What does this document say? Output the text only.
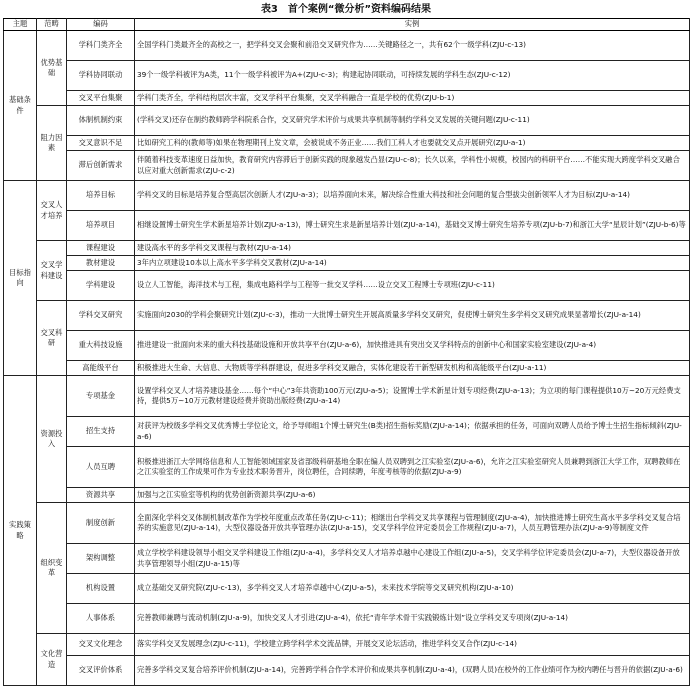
表3　首个案例“微分析”资料编码结果
主题	范畴	编码	实例
基础条件	优势基础	学科门类齐全	全国学科门类最齐全的高校之一，把学科交叉会聚和前沿交叉研究作为……关键路径之一，共有62个一级学科(ZJU-c-13)
		学科协同联动	39个一级学科被评为A类，11个一级学科被评为A+(ZJU-c-3)；构建起协同联动，可持续发展的学科生态(ZJU-c-12)
		交叉平台集聚	学科门类齐全，学科结构层次丰富，交叉学科平台集聚，交叉学科融合一直是学校的优势(ZJU-b-1)
	阻力因素	体制机制约束	(学科交叉)还存在制约教师跨学科院系合作，交叉研究学术评价与成果共享机制等制约学科交叉发展的关键问题(ZJU-c-11)
		交叉意识不足	比如研究工科的(教师等)如果在物理期刊上发文章，会被说成不务正业……我们工科人才也要就交叉点开展研究(ZJU-a-1)
		滞后创新需求	伴随着科技变革速度日益加快，教育研究内容滞后于创新实践的现象越发凸显(ZJU-c-8)；长久以来，学科性小规模，校园内的科研平台……不能实现大跨度学科交叉融合以应对重大创新需求(ZJU-c-2)
目标指向	交叉人才培养	培养目标	学科交叉的目标是培养复合型高层次创新人才(ZJU-a-3)；以培养面向未来，解决综合性重大科技和社会问题的复合型拔尖创新领军人才为目标(ZJU-a-14)
		培养项目	相继设置博士研究生学术新星培养计划(ZJU-a-13)，博士研究生求是新星培养计划(ZJU-a-14)，基础交叉博士研究生培养专项(ZJU-b-7)和浙江大学“星辰计划”(ZJU-b-6)等
	交叉学科建设	课程建设	建设高水平的多学科交叉课程与教材(ZJU-a-14)
		教材建设	3年内立项建设10本以上高水平多学科交叉教材(ZJU-a-14)
		学科建设	设立人工智能，海洋技术与工程，集成电路科学与工程等一批交叉学科……设立交叉工程博士专项班(ZJU-c-11)
	交叉科研	学科交叉研究	实施面向2030的学科会聚研究计划(ZJU-c-3)，推动一大批博士研究生开展高质量多学科交叉研究，促使博士研究生多学科交叉研究成果显著增长(ZJU-a-14)
		重大科技设施	推进建设一批面向未来的重大科技基础设施和开放共享平台(ZJU-a-6)，加快推进具有突出交叉学科特点的创新中心和国家实验室建设(ZJU-a-4)
		高能级平台	积极推进大生命、大信息、大物质等学科群建设，促进多学科交叉融合，实体化建设若干新型研发机构和高能级平台(ZJU-a-11)
实践策略	资源投入	专项基金	设置学科交叉人才培养建设基金……每个“中心”3年共资助100万元(ZJU-a-5)；设置博士学术新星计划专项经费(ZJU-a-13)；为立项的每门课程提供10万~20万元经费支持，提供5万~10万元教材建设经费并资助出版经费(ZJU-a-14)
		招生支持	对获评为校级多学科交叉优秀博士学位论文，给予导师组1个博士研究生(B类)招生指标奖励(ZJU-a-14)；依据承担的任务，可面向双聘人员给予博士生招生指标倾斜(ZJU-a-6)
		人员互聘	积极推进浙江大学网络信息和人工智能领域国家及省部级科研基地全职在编人员双聘到之江实验室(ZJU-a-6)，允许之江实验室研究人员兼聘到浙江大学工作，双聘教师在之江实验室的工作成果可作为专业技术职务晋升，岗位聘任，合同续聘，年度考核等的依据(ZJU-a-9)
		资源共享	加强与之江实验室等机构的优势创新资源共享(ZJU-a-6)
	组织变革	制度创新	全面深化学科交叉体制机制改革作为学校年度重点改革任务(ZJU-c-11)；相继出台学科交叉共享课程与管理制度(ZJU-a-4)，加快推进博士研究生高水平多学科交叉复合培养的实施意见(ZJU-a-14)，大型仪器设备开放共享管理办法(ZJU-a-15)，交叉学科学位评定委员会工作规程(ZJU-a-7)，人员互聘管理办法(ZJU-a-9)等制度文件
		架构调整	成立学校学科建设领导小组交叉学科建设工作组(ZJU-a-4)，多学科交叉人才培养卓越中心建设工作组(ZJU-a-5)，交叉学科学位评定委员会(ZJU-a-7)，大型仪器设备开放共享管理领导小组(ZJU-a-15)等
		机构设置	成立基础交叉研究院(ZJU-c-13)，多学科交叉人才培养卓越中心(ZJU-a-5)，未来技术学院等交叉研究机构(ZJU-a-10)
		人事体系	完善教师兼聘与流动机制(ZJU-a-9)，加快交叉人才引进(ZJU-a-4)，依托“青年学术骨干实践锻炼计划”设立学科交叉专项岗(ZJU-a-14)
	文化营造	交叉文化理念	落实学科交叉发展理念(ZJU-c-11)，学校建立跨学科学术交流品牌，开展交叉论坛活动，推进学科交叉合作(ZJU-c-14)
		交叉评价体系	完善多学科交叉复合培养评价机制(ZJU-a-14)，完善跨学科合作学术评价和成果共享机制(ZJU-a-4)，(双聘人员)在校外的工作业绩可作为校内聘任与晋升的依据(ZJU-a-6)
